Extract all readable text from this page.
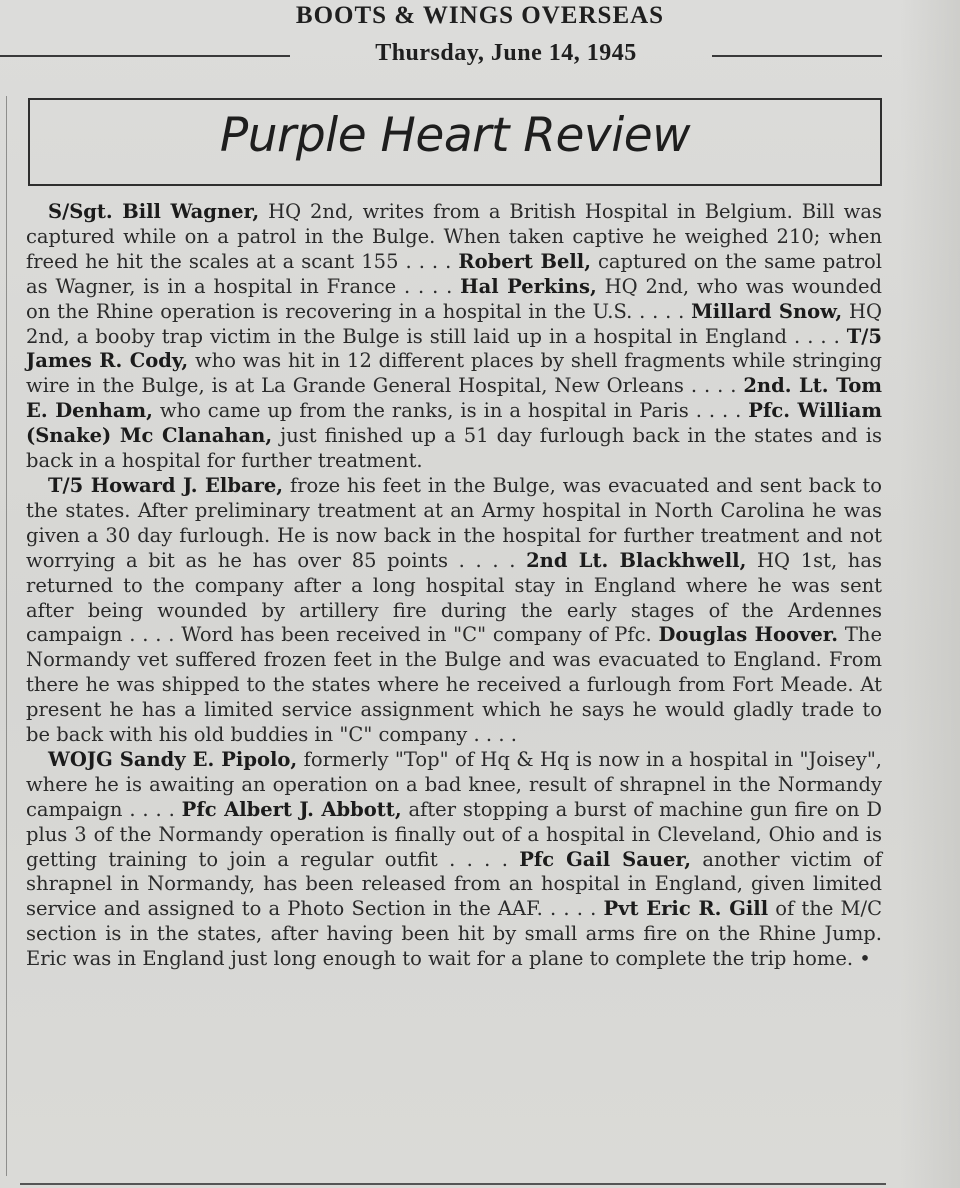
BOOTS & WINGS OVERSEAS
Thursday, June 14, 1945
Purple Heart Review

S/Sgt. Bill Wagner, HQ 2nd, writes from a British Hospital in Belgium. Bill was captured while on a patrol in the Bulge. When taken captive he weighed 210; when freed he hit the scales at a scant 155 . . . . Robert Bell, captured on the same patrol as Wagner, is in a hospital in France . . . . Hal Perkins, HQ 2nd, who was wounded on the Rhine operation is recovering in a hospital in the U.S. . . . . Millard Snow, HQ 2nd, a booby trap victim in the Bulge is still laid up in a hospital in England . . . . T/5 James R. Cody, who was hit in 12 different places by shell fragments while stringing wire in the Bulge, is at La Grande General Hospital, New Orleans . . . . 2nd. Lt. Tom E. Denham, who came up from the ranks, is in a hospital in Paris . . . . Pfc. William (Snake) Mc Clanahan, just finished up a 51 day furlough back in the states and is back in a hospital for further treatment.

T/5 Howard J. Elbare, froze his feet in the Bulge, was evacuated and sent back to the states. After preliminary treatment at an Army hospital in North Carolina he was given a 30 day furlough. He is now back in the hospital for further treatment and not worrying a bit as he has over 85 points . . . . 2nd Lt. Blackhwell, HQ 1st, has returned to the company after a long hospital stay in England where he was sent after being wounded by artillery fire during the early stages of the Ardennes campaign . . . . Word has been received in "C" company of Pfc. Douglas Hoover. The Normandy vet suffered frozen feet in the Bulge and was evacuated to England. From there he was shipped to the states where he received a furlough from Fort Meade. At present he has a limited service assignment which he says he would gladly trade to be back with his old buddies in "C" company . . . .

WOJG Sandy E. Pipolo, formerly "Top" of Hq & Hq is now in a hospital in "Joisey", where he is awaiting an operation on a bad knee, result of shrapnel in the Normandy campaign . . . . Pfc Albert J. Abbott, after stopping a burst of machine gun fire on D plus 3 of the Normandy operation is finally out of a hospital in Cleveland, Ohio and is getting training to join a regular outfit . . . . Pfc Gail Sauer, another victim of shrapnel in Normandy, has been released from an hospital in England, given limited service and assigned to a Photo Section in the AAF. . . . . Pvt Eric R. Gill of the M/C section is in the states, after having been hit by small arms fire on the Rhine Jump. Eric was in England just long enough to wait for a plane to complete the trip home. •
